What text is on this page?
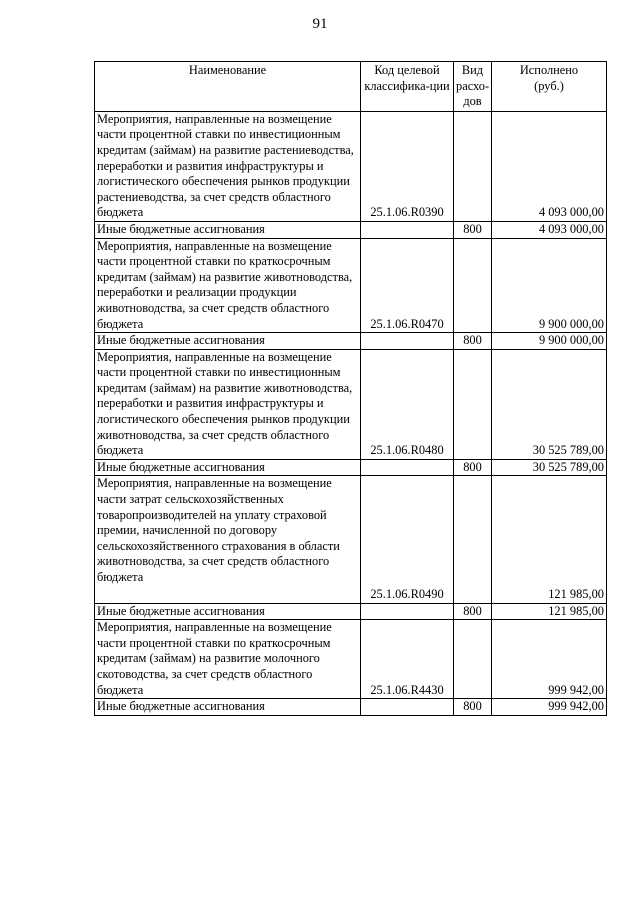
91
Наименование	Код целевой классифика-ции	Вид расхо-дов	Исполнено (руб.)
Мероприятия, направленные на возмещение части процентной ставки по инвестиционным кредитам (займам) на развитие растениеводства, переработки и развития инфраструктуры и логистического обеспечения рынков продукции растениеводства, за счет средств областного бюджета	25.1.06.R0390		4 093 000,00
Иные бюджетные ассигнования		800	4 093 000,00
Мероприятия, направленные на возмещение части процентной ставки по краткосрочным кредитам (займам) на развитие животноводства, переработки и реализации продукции животноводства, за счет средств областного бюджета	25.1.06.R0470		9 900 000,00
Иные бюджетные ассигнования		800	9 900 000,00
Мероприятия, направленные на возмещение части процентной ставки по инвестиционным кредитам (займам) на развитие животноводства, переработки и развития инфраструктуры и логистического обеспечения рынков продукции животноводства, за счет средств областного бюджета	25.1.06.R0480		30 525 789,00
Иные бюджетные ассигнования		800	30 525 789,00
Мероприятия, направленные на возмещение части затрат сельскохозяйственных товаропроизводителей на уплату страховой премии, начисленной по договору сельскохозяйственного страхования в области животноводства, за счет средств областного бюджета	25.1.06.R0490		121 985,00
Иные бюджетные ассигнования		800	121 985,00
Мероприятия, направленные на возмещение части процентной ставки по краткосрочным кредитам (займам) на развитие молочного скотоводства, за счет средств областного бюджета	25.1.06.R4430		999 942,00
Иные бюджетные ассигнования		800	999 942,00
